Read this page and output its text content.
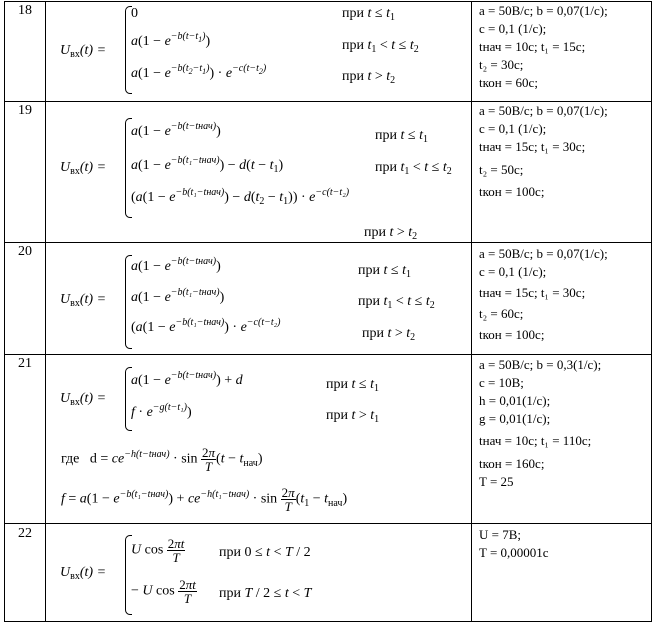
18
$U_{вх}(t)$ =
0
$a(1 - e^{-b(t-t1)})$
$a(1 - e^{-b(t2-t1)}) \cdot e^{-c(t-t2)}$
при $t \le t_1$
при $t_1 < t \le t_2$
при $t > t_2$
a = 50В/с; b = 0,07(1/с);
c = 0,1 (1/с);
tнач = 10с; t₁ = 15с;
t₂ = 30с;
tкон = 60с;
19
$U_{вх}(t)$ =
$a(1 - e^{-b(t-tнач)})$
$a(1 - e^{-b(t_1-tнач)}) - d(t - t_1)$
$(a(1 - e^{-b(t_1-tнач)}) - d(t_2 - t_1)) \cdot e^{-c(t-t_2)}$
при $t \le t_1$
при $t_1 < t \le t_2$
при $t > t_2$
a = 50В/с; b = 0,07(1/с);
c = 0,1 (1/с);
tнач = 15с; t₁ = 30с;
t₂ = 50с;
tкон = 100с;
20
$U_{вх}(t)$ =
$a(1 - e^{-b(t-tнач)})$
$a(1 - e^{-b(t_1-tнач)})$
($a(1 - e^{-b(t_1-tнач)}) \cdot e^{-c(t-t_2)}$
при $t \le t_1$
при $t_1 < t \le t_2$
при $t > t_2$
a = 50В/с; b = 0,07(1/с);
c = 0,1 (1/с);
tнач = 15с; t₁ = 30с;
t₂ = 60с;
tкон = 100с;
21
$U_{вх}(t)$ =
$a(1 - e^{-b(t-tнач)}) + d$
$f \cdot e^{-g(t-t_1)}$)
при $t \le t_1$
при $t > t_1$
где   $d = ce^{-h(t-tнач)} \cdot \sin \frac{2\pi}{T} (t - t_{нач})$
$f = a(1 - e^{-b(t_1-tнач)}) + ce^{-h(t_1-tнач)} \cdot \sin \frac{2\pi}{T} (t_1 - t_{нач})$
a = 50В/с; b = 0,3(1/с);
c = 10В;
h = 0,01(1/с);
g = 0,01(1/с);
tнач = 10с; t₁ = 110с;
tкон = 160с;
T = 25
22
$U_{вх}(t)$ =
U $\cos \frac{2\pi t}{T}$
− U $\cos \frac{2\pi t}{T}$
при 0 ≤ t < T / 2
при T / 2 ≤ t < T
U = 7В;
T = 0,00001с
